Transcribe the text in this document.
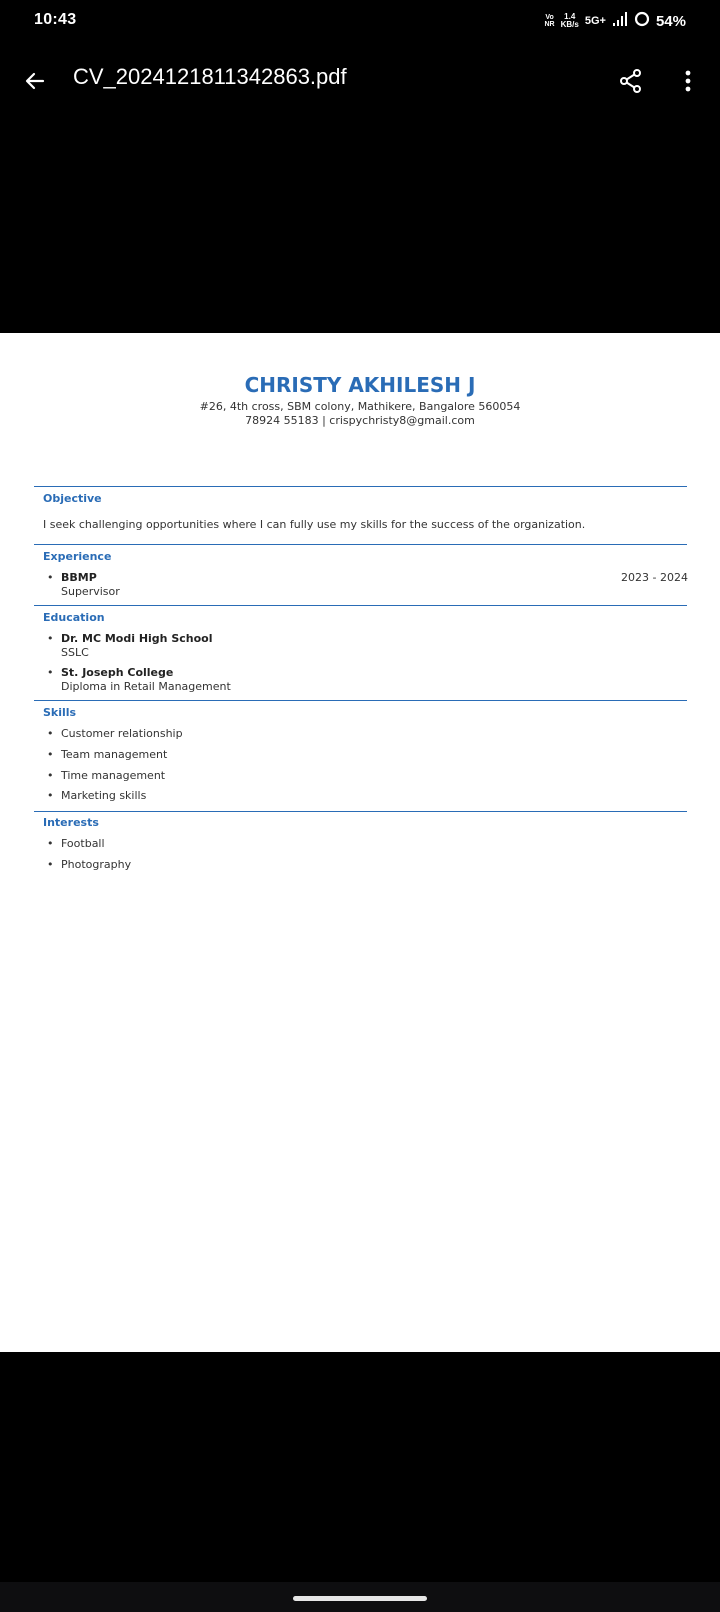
10:43	Vo
NR
1.4
KB/s 5G+	54%
CV_2024121811342863.pdf
CHRISTY AKHILESH J
#26, 4th cross, SBM colony, Mathikere, Bangalore 560054
78924 55183 | crispychristy8@gmail.com
Objective
I seek challenging opportunities where I can fully use my skills for the success of the organization.
Experience
• BBMP
Supervisor
2023 - 2024
Education
• Dr. MC Modi High School
SSLC
• St. Joseph College
Diploma in Retail Management
Skills
• Customer relationship
• Team management
• Time management
• Marketing skills
Interests
• Football
• Photography
